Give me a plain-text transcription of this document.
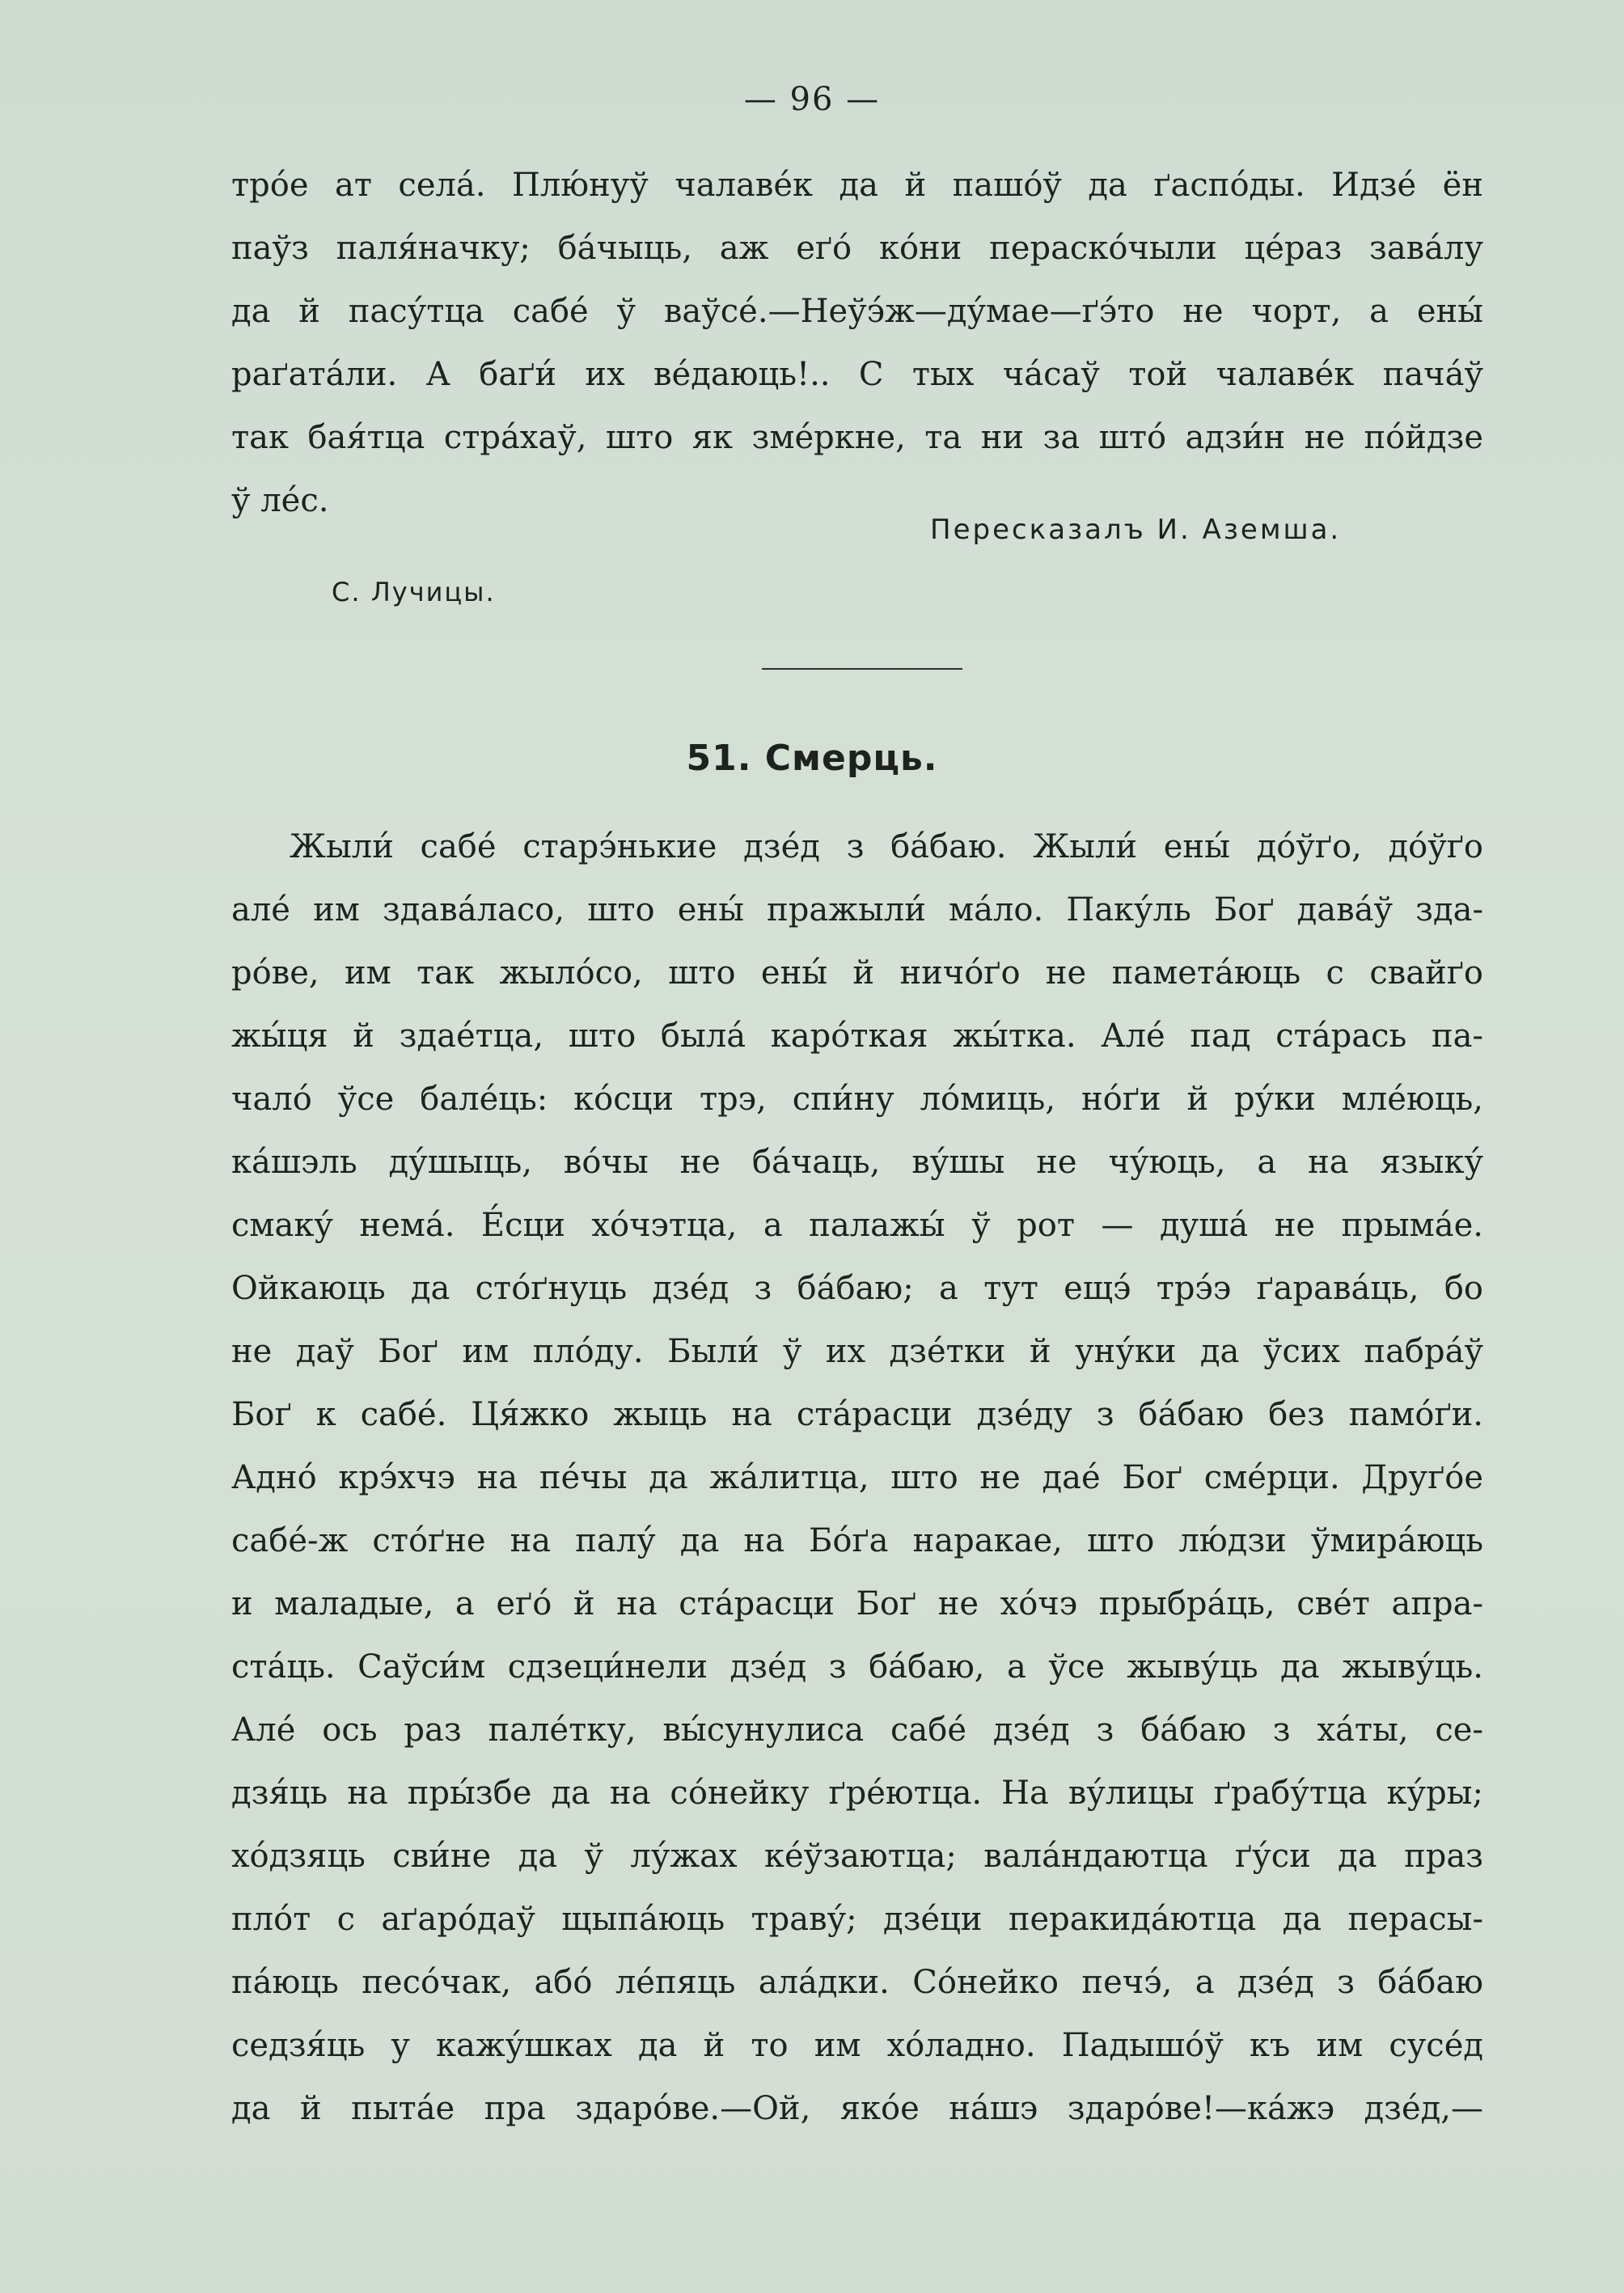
— 96 —
тро́е ат села́. Плю́нуў чалаве́к да й пашо́ў да ґаспо́ды. Идзе́ ён
паўз паля́начку; ба́чыць, аж еґо́ ко́ни пераско́чыли це́раз зава́лу
да й пасу́тца сабе́ ў ваўсе́.—Неўэ́ж—ду́мае—ґэ́то не чорт, а ены́
раґата́ли. А баґи́ их ве́даюць!.. С тых ча́саў той чалаве́к пача́ў
так бая́тца стра́хаў, што як зме́ркне, та ни за што́ адзи́н не по́йдзе
ў ле́с.
Пересказалъ И. Аземша.
С. Лучицы.
51. Смерць.
Жыли́ сабе́ старэ́нькие дзе́д з ба́баю. Жыли́ ены́ до́ўґо, до́ўґо
але́ им здава́ласо, што ены́ пражыли́ ма́ло. Паку́ль Боґ дава́ў зда-
ро́ве, им так жыло́со, што ены́ й ничо́ґо не памета́юць с свайґо
жы́ця й здае́тца, што была́ каро́ткая жы́тка. Але́ пад ста́рась па-
чало́ ўсе бале́ць: ко́сци трэ, спи́ну ло́миць, но́ґи й ру́ки мле́юць,
ка́шэль ду́шыць, во́чы не ба́чаць, ву́шы не чу́юць, а на языку́
смаку́ нема́. Е́сци хо́чэтца, а палажы́ ў рот — душа́ не прыма́е.
Ойкаюць да сто́ґнуць дзе́д з ба́баю; а тут ещэ́ трэ́э ґарава́ць, бо
не даў Боґ им пло́ду. Были́ ў их дзе́тки й уну́ки да ўсих пабра́ў
Боґ к сабе́. Ця́жко жыць на ста́расци дзе́ду з ба́баю без памо́ґи.
Адно́ крэ́хчэ на пе́чы да жа́литца, што не дае́ Боґ сме́рци. Друґо́е
сабе́-ж сто́ґне на палу́ да на Бо́ґа наракае, што лю́дзи ўмира́юць
и маладые, а еґо́ й на ста́расци Боґ не хо́чэ прыбра́ць, све́т апра-
ста́ць. Саўси́м сдзеци́нели дзе́д з ба́баю, а ўсе жыву́ць да жыву́ць.
Але́ ось раз пале́тку, вы́сунулиса сабе́ дзе́д з ба́баю з ха́ты, се-
дзя́ць на пры́збе да на со́нейку ґре́ютца. На ву́лицы ґрабу́тца ку́ры;
хо́дзяць сви́не да ў лу́жах ке́ўзаютца; вала́ндаютца ґу́си да праз
пло́т с аґаро́даў щыпа́юць траву́; дзе́ци перакида́ютца да перасы-
па́юць песо́чак, або́ ле́пяць ала́дки. Со́нейко печэ́, а дзе́д з ба́баю
седзя́ць у кажу́шках да й то им хо́ладно. Падышо́ў къ им сусе́д
да й пыта́е пра здаро́ве.—Ой, яко́е на́шэ здаро́ве!—ка́жэ дзе́д,—
